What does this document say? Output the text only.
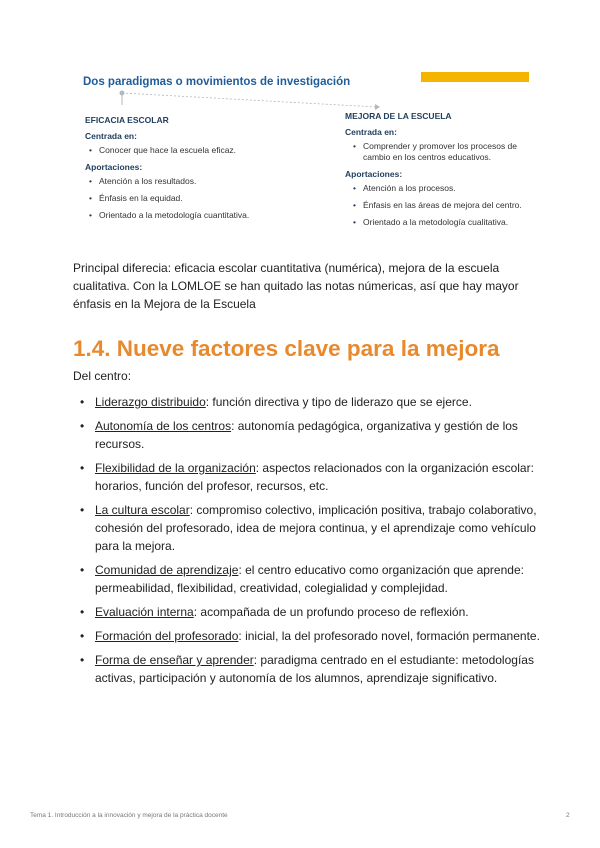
Dos paradigmas o movimientos de investigación
EFICACIA ESCOLAR
Centrada en:
• Conocer que hace la escuela eficaz.
Aportaciones:
• Atención a los resultados.
• Énfasis en la equidad.
• Orientado a la metodología cuantitativa.
MEJORA DE LA ESCUELA
Centrada en:
• Comprender y promover los procesos de cambio en los centros educativos.
Aportaciones:
• Atención a los procesos.
• Énfasis en las áreas de mejora del centro.
• Orientado a la metodología cualitativa.

Principal diferecia: eficacia escolar cuantitativa (numérica), mejora de la escuela cualitativa. Con la LOMLOE se han quitado las notas númericas, así que hay mayor énfasis en la Mejora de la Escuela

1.4. Nueve factores clave para la mejora

Del centro:

• Liderazgo distribuido: función directiva y tipo de liderazo que se ejerce.
• Autonomía de los centros: autonomía pedagógica, organizativa y gestión de los recursos.
• Flexibilidad de la organización: aspectos relacionados con la organización escolar: horarios, función del profesor, recursos, etc.
• La cultura escolar: compromiso colectivo, implicación positiva, trabajo colaborativo, cohesión del profesorado, idea de mejora continua, y el aprendizaje como vehículo para la mejora.
• Comunidad de aprendizaje: el centro educativo como organización que aprende: permeabilidad, flexibilidad, creatividad, colegialidad y complejidad.
• Evaluación interna: acompañada de un profundo proceso de reflexión.
• Formación del profesorado: inicial, la del profesorado novel, formación permanente.
• Forma de enseñar y aprender: paradigma centrado en el estudiante: metodologías activas, participación y autonomía de los alumnos, aprendizaje significativo.
Tema 1. Introducción a la innovación y mejora de la práctica docente	2
